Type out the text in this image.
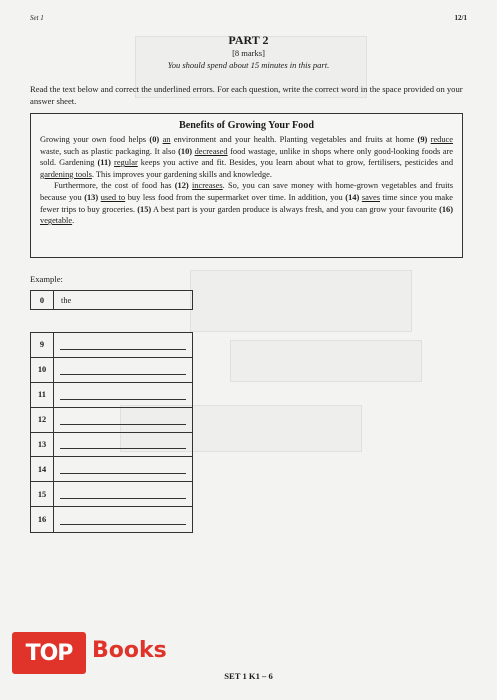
Set 1	12/1
PART 2
[8 marks]
You should spend about 15 minutes in this part.
Read the text below and correct the underlined errors. For each question, write the correct word in the space provided on your answer sheet.
Benefits of Growing Your Food

Growing your own food helps (0) an environment and your health. Planting vegetables and fruits at home (9) reduce waste, such as plastic packaging. It also (10) decreased food wastage, unlike in shops where only good-looking foods are sold. Gardening (11) regular keeps you active and fit. Besides, you learn about what to grow, fertilisers, pesticides and gardening tools. This improves your gardening skills and knowledge.

Furthermore, the cost of food has (12) increases. So, you can save money with home-grown vegetables and fruits because you (13) used to buy less food from the supermarket over time. In addition, you (14) saves time since you make fewer trips to buy groceries. (15) A best part is your garden produce is always fresh, and you can grow your favourite (16) vegetable.

Example:
0	the
9
10
11
12
13
14
15
16
TOP Books
SET 1 K1 – 6
